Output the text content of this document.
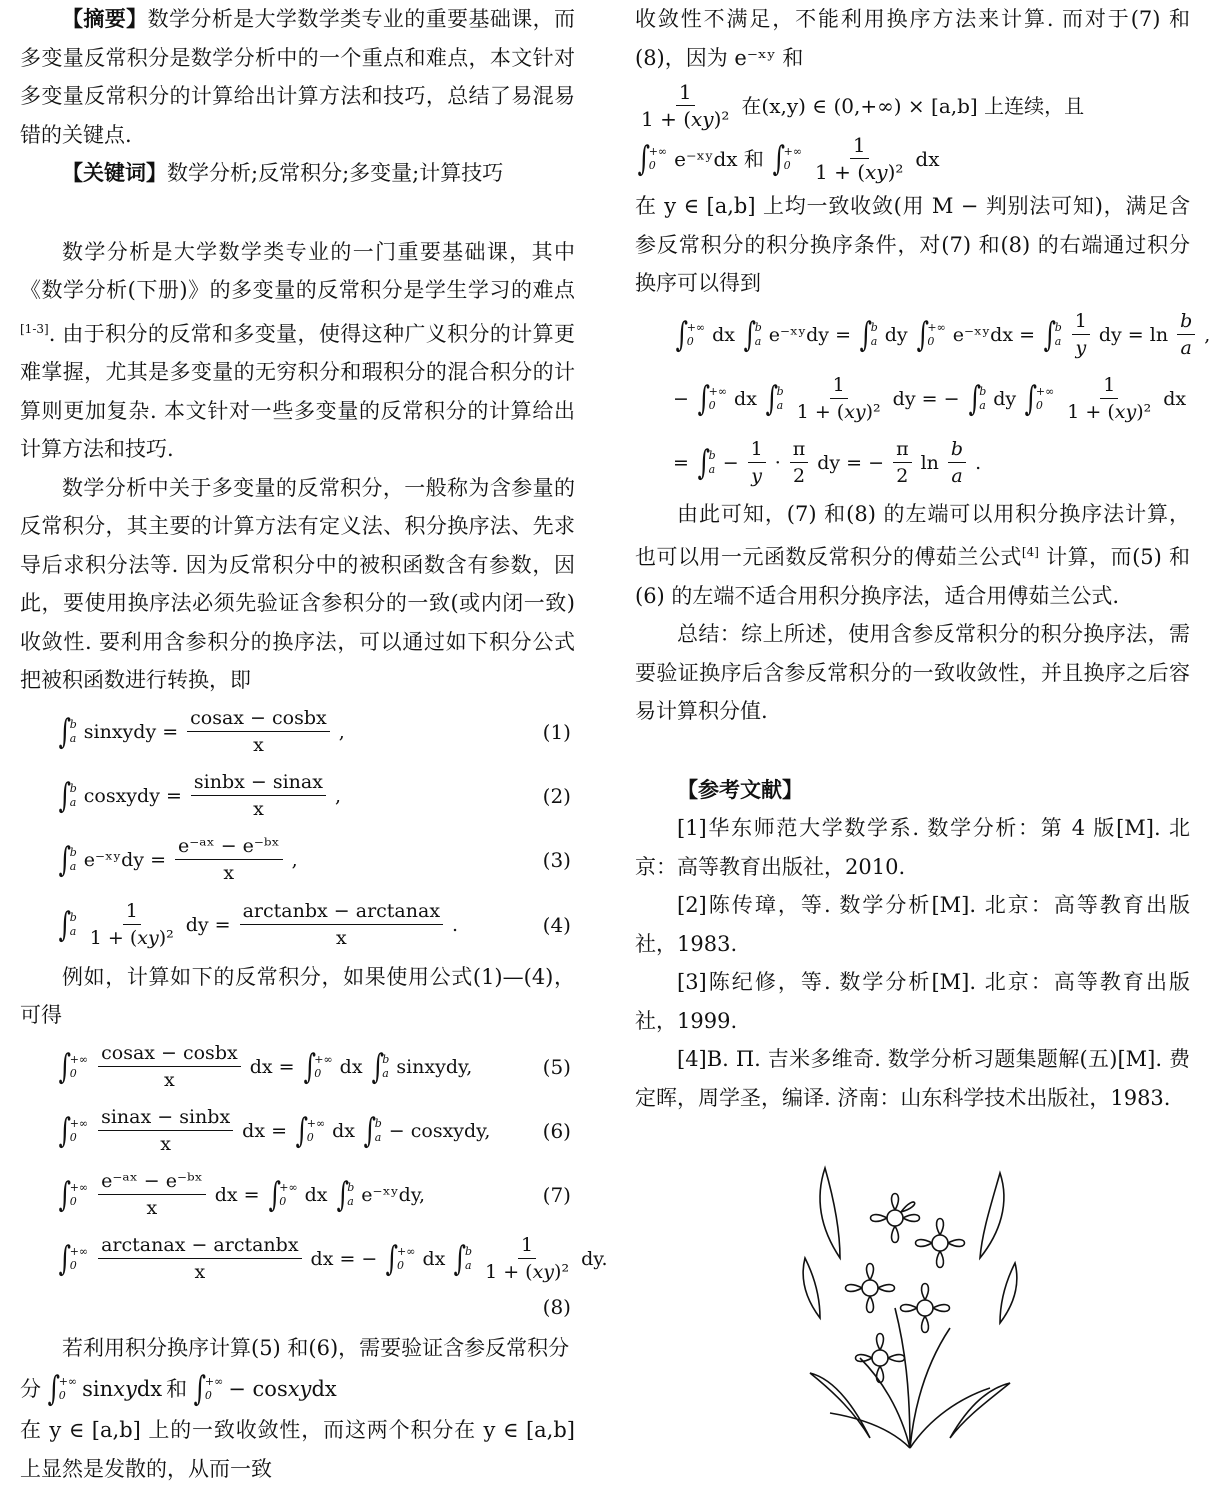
【摘要】数学分析是大学数学类专业的重要基础课，而多变量反常积分是数学分析中的一个重点和难点，本文针对多变量反常积分的计算给出计算方法和技巧，总结了易混易错的关键点.

【关键词】数学分析;反常积分;多变量;计算技巧

数学分析是大学数学类专业的一门重要基础课，其中《数学分析(下册)》的多变量的反常积分是学生学习的难点[1-3]. 由于积分的反常和多变量，使得这种广义积分的计算更难掌握，尤其是多变量的无穷积分和瑕积分的混合积分的计算则更加复杂. 本文针对一些多变量的反常积分的计算给出计算方法和技巧.

数学分析中关于多变量的反常积分，一般称为含参量的反常积分，其主要的计算方法有定义法、积分换序法、先求导后求积分法等. 因为反常积分中的被积函数含有参数，因此，要使用换序法必须先验证含参积分的一致(或内闭一致)收敛性. 要利用含参积分的换序法，可以通过如下积分公式把被积函数进行转换，即

∫
b
a sinxydy = $\frac{\text{cosax − cosbx}}{x}$ ,	(1)
∫
b
a cosxydy = $\frac{\text{sinbx − sinax}}{x}$ ,	(2)
∫
b
a e⁻ˣʸdy = $\frac{\text{e⁻ᵃˣ − e⁻ᵇˣ}}{x}$ ,	(3)
∫
b
a $\frac{1}{\text{1 + (xy)²}}$ dy = $\frac{\text{arctanbx − arctanax}}{x}$ .	(4)

例如，计算如下的反常积分，如果使用公式(1)—(4)，可得

∫
+∞
0	$\frac{\text{cosax − cosbx}}{x}$ dx = ∫
+∞
0 dx ∫
b
a sinxydy,	(5)
∫
+∞
0	$\frac{\text{sinax − sinbx}}{x}$ dx = ∫
+∞
0 dx ∫
b
a − cosxydy,	(6)
∫
+∞
0	$\frac{\text{e⁻ᵃˣ − e⁻ᵇˣ}}{x}$ dx = ∫
+∞
0 dx ∫
b
a e⁻ˣʸdy,	(7)
∫
+∞
0	$\frac{\text{arctanax − arctanbx}}{x}$ dx = − ∫
+∞
0 dx ∫
b
a $\frac{1}{\text{1 + (xy)²}}$ dy.
(8)

若利用积分换序计算(5) 和(6)，需要验证含参反常积分

分 ∫
+∞
0 sinxydx 和 ∫
+∞
0 − cosxydx

在 y ∈ [a,b] 上的一致收敛性，而这两个积分在 y ∈ [a,b] 上显然是发散的，从而一致

收敛性不满足，不能利用换序方法来计算. 而对于(7) 和(8)，因为 e⁻ˣʸ 和

$\frac{1}{\text{1 + (xy)²}}$ 在(x,y) ∈ (0,+∞) × [a,b] 上连续，且
∫
+∞
0 e⁻ˣʸdx 和 ∫
+∞
0	$\frac{1}{\text{1 + (xy)²}}$ dx

在 y ∈ [a,b] 上均一致收敛(用 M − 判别法可知)，满足含参反常积分的积分换序条件，对(7) 和(8) 的右端通过积分换序可以得到

∫
+∞
0 dx ∫
b
a e⁻ˣʸdy = ∫
b
a dy ∫
+∞
0 e⁻ˣʸdx = ∫
b
a $\frac{1}{y}$ dy = $\ln \frac{b}{a}$ ,
− ∫
+∞
0 dx ∫
b
a $\frac{1}{\text{1 + (xy)²}}$ dy = − ∫
b
a dy ∫
+∞
0	$\frac{1}{\text{1 + (xy)²}}$ dx
= ∫
b
$a - \frac{1}{y} \cdot \frac{\pi}{2}$ dy = − $\frac{\pi}{2}$ $\ln \frac{b}{a}$ .

由此可知，(7) 和(8) 的左端可以用积分换序法计算，也可以用一元函数反常积分的傅茹兰公式[4] 计算，而(5) 和(6) 的左端不适合用积分换序法，适合用傅茹兰公式.

总结：综上所述，使用含参反常积分的积分换序法，需要验证换序后含参反常积分的一致收敛性，并且换序之后容易计算积分值.

【参考文献】

[1]华东师范大学数学系. 数学分析：第 4 版[M]. 北京：高等教育出版社，2010.

[2]陈传璋，等. 数学分析[M]. 北京：高等教育出版社，1983.

[3]陈纪修，等. 数学分析[M]. 北京：高等教育出版社，1999.

[4]B. П. 吉米多维奇. 数学分析习题集题解(五)[M]. 费定晖，周学圣，编译. 济南：山东科学技术出版社，1983.
